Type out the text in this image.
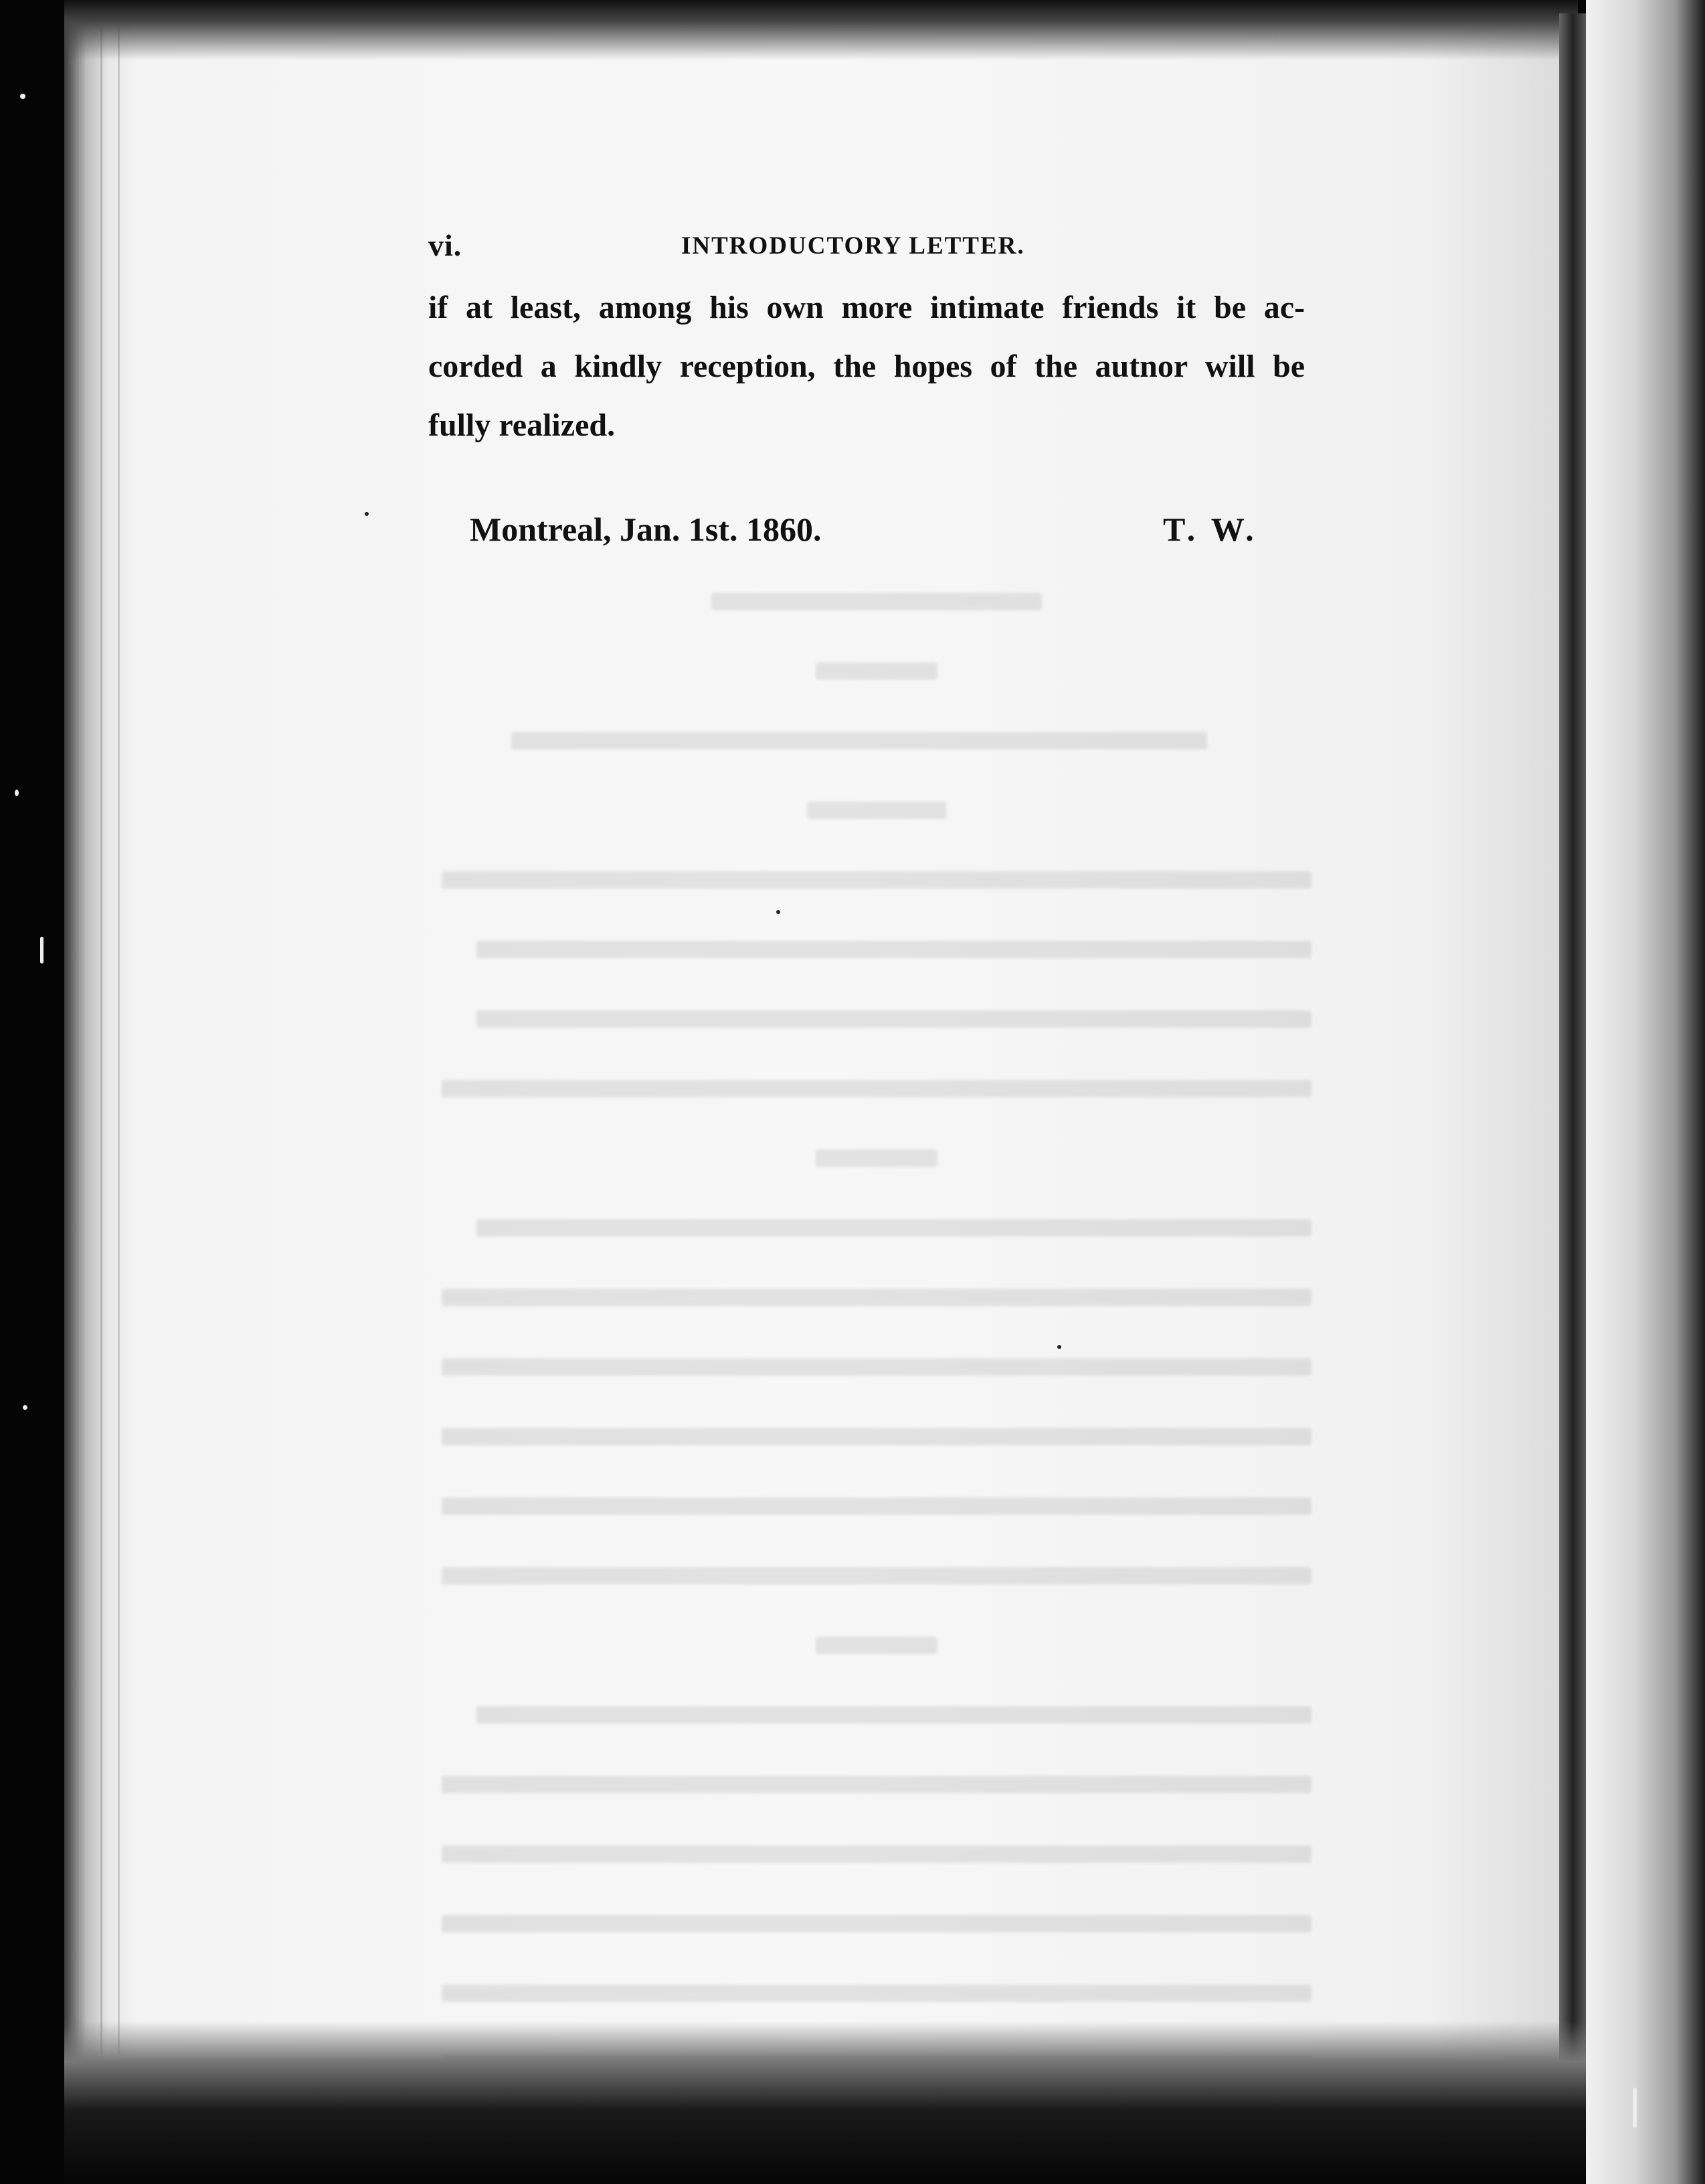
vi.	INTRODUCTORY LETTER.

if at least, among his own more intimate friends it be ac-
corded a kindly reception, the hopes of the autnor will be
fully realized.

Montreal, Jan. 1st. 1860.	T. W.
